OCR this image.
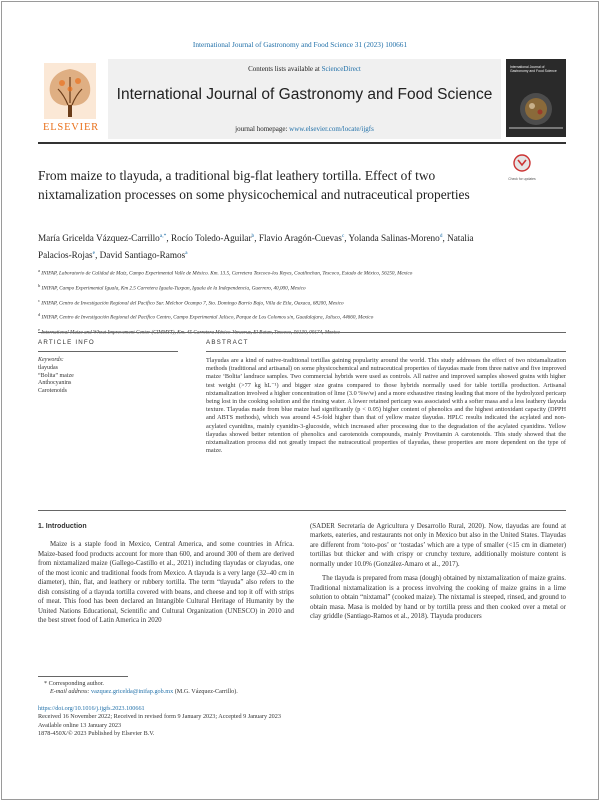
International Journal of Gastronomy and Food Science 31 (2023) 100661
ELSEVIER
Contents lists available at ScienceDirect
International Journal of Gastronomy and Food Science
journal homepage: www.elsevier.com/locate/ijgfs
International Journal of Gastronomy and Food Science
From maize to tlayuda, a traditional big-flat leathery tortilla. Effect of two nixtamalization processes on some physicochemical and nutraceutical properties
Check for updates
María Gricelda Vázquez-Carrillo$^{a,*}$, Rocío Toledo-Aguilar$^b$, Flavio Aragón-Cuevas$^c$, Yolanda Salinas-Moreno$^d$, Natalia Palacios-Rojas$^e$, David Santiago-Ramos$^a$
$^a$ INIFAP, Laboratorio de Calidad de Maíz, Campo Experimental Valle de México. Km. 13.5, Carretera Texcoco-los Reyes, Coatlinchan, Texcoco, Estado de México, 56250, Mexico
$^b$ INIFAP, Campo Experimental Iguala, Km 2.5 Carretera Iguala-Tuxpan, Iguala de la Independencia, Guerrero, 40,000, Mexico
$^c$ INIFAP, Centro de Investigación Regional del Pacífico Sur. Melchor Ocampo 7, Sto. Domingo Barrio Bajo, Villa de Etla, Oaxaca, 68200, Mexico
$^d$ INIFAP, Centro de Investigación Regional del Pacífico Centro, Campo Experimental Jalisco, Parque de Los Colomos s/n, Guadalajara, Jalisco, 44660, Mexico
$^e$ International Maize and Wheat Improvement Center (CIMMYT), Km. 45 Carretera México-Veracruz, El Batan, Texcoco, 56130, 00174, Mexico
ARTICLE INFO	ABSTRACT
Keywords:
tlayudas
“Bolita” maize
Anthocyanins
Carotenoids
Tlayudas are a kind of native-traditional tortillas gaining popularity around the world. This study addresses the effect of two nixtamalization methods (traditional and artisanal) on some physicochemical and nutraceutical properties of tlayudas made from three native and five improved maize ‘Bolita’ landrace samples. Two commercial hybrids were used as controls. All native and improved samples showed grains with higher test weight (>77 kg hL⁻¹) and bigger size grains compared to those hybrids normally used for table tortilla production. Artisanal nixtamalization involved a higher concentration of lime (3.0 %w/w) and a more exhaustive rinsing leading that more of the hydrolyzed pericarp being lost in the cooking solution and the rinsing water. A lower retained pericarp was associated with a softer masa and a less leathery tlayuda texture. Tlayudas made from blue maize had significantly (p < 0.05) higher content of phenolics and the highest antioxidant capacity (DPPH and ABTS methods), which was around 4.5-fold higher than that of yellow maize tlayudas. HPLC results indicated the acylated and non-acylated cyanidins, mainly cyanidin-3-glucoside, which increased after processing due to the degradation of the acylated cyanidins. Yellow tlayudas showed better retention of phenolics and carotenoids compounds, mainly Provitamin A carotenoids. This study showed that the nixtamalization process did not greatly impact the nutraceutical properties of tlayudas, these properties are more dependent on the type of maize.
1. Introduction

Maize is a staple food in Mexico, Central America, and some countries in Africa. Maize-based food products account for more than 600, and around 300 of them are derived from nixtamalized maize (Gallego-Castillo et al., 2021) including tlayudas or clayudas, one of the most iconic and traditional foods from Mexico. A tlayuda is a very large (32–40 cm in diameter), thin, flat, and leathery or rubbery tortilla. The term “tlayuda” also refers to the dish consisting of a tlayuda tortilla covered with beans, and cheese and top it off with strips of meat. This food has been declared an Intangible Cultural Heritage of Humanity by the United Nations Educational, Scientific and Cultural Organization (UNESCO) in 2010 and the best street food of Latin America in 2020

(SADER Secretaría de Agricultura y Desarrollo Rural, 2020). Now, tlayudas are found at markets, eateries, and restaurants not only in Mexico but also in the United States. Tlayudas are different from ‘toto-pos’ or ‘tostadas’ which are a type of smaller (<15 cm in diameter) tortillas but thicker and with crispy or crunchy texture, additionally moisture content is normally under 10.0% (González-Amaro et al., 2017).

The tlayuda is prepared from masa (dough) obtained by nixtamalization of maize grains. Traditional nixtamalization is a process involving the cooking of maize grains in a lime solution to obtain “nixtamal” (cooked maize). The nixtamal is steeped, rinsed, and ground to obtain masa. Masa is molded by hand or by tortilla press and then cooked over a metal or clay griddle (Santiago-Ramos et al., 2018). Tlayuda producers

* Corresponding author.
E-mail address: vazquez.gricelda@inifap.gob.mx (M.G. Vázquez-Carrillo).
https://doi.org/10.1016/j.ijgfs.2023.100661
Received 16 November 2022; Received in revised form 9 January 2023; Accepted 9 January 2023
Available online 13 January 2023
1878-450X/© 2023 Published by Elsevier B.V.
